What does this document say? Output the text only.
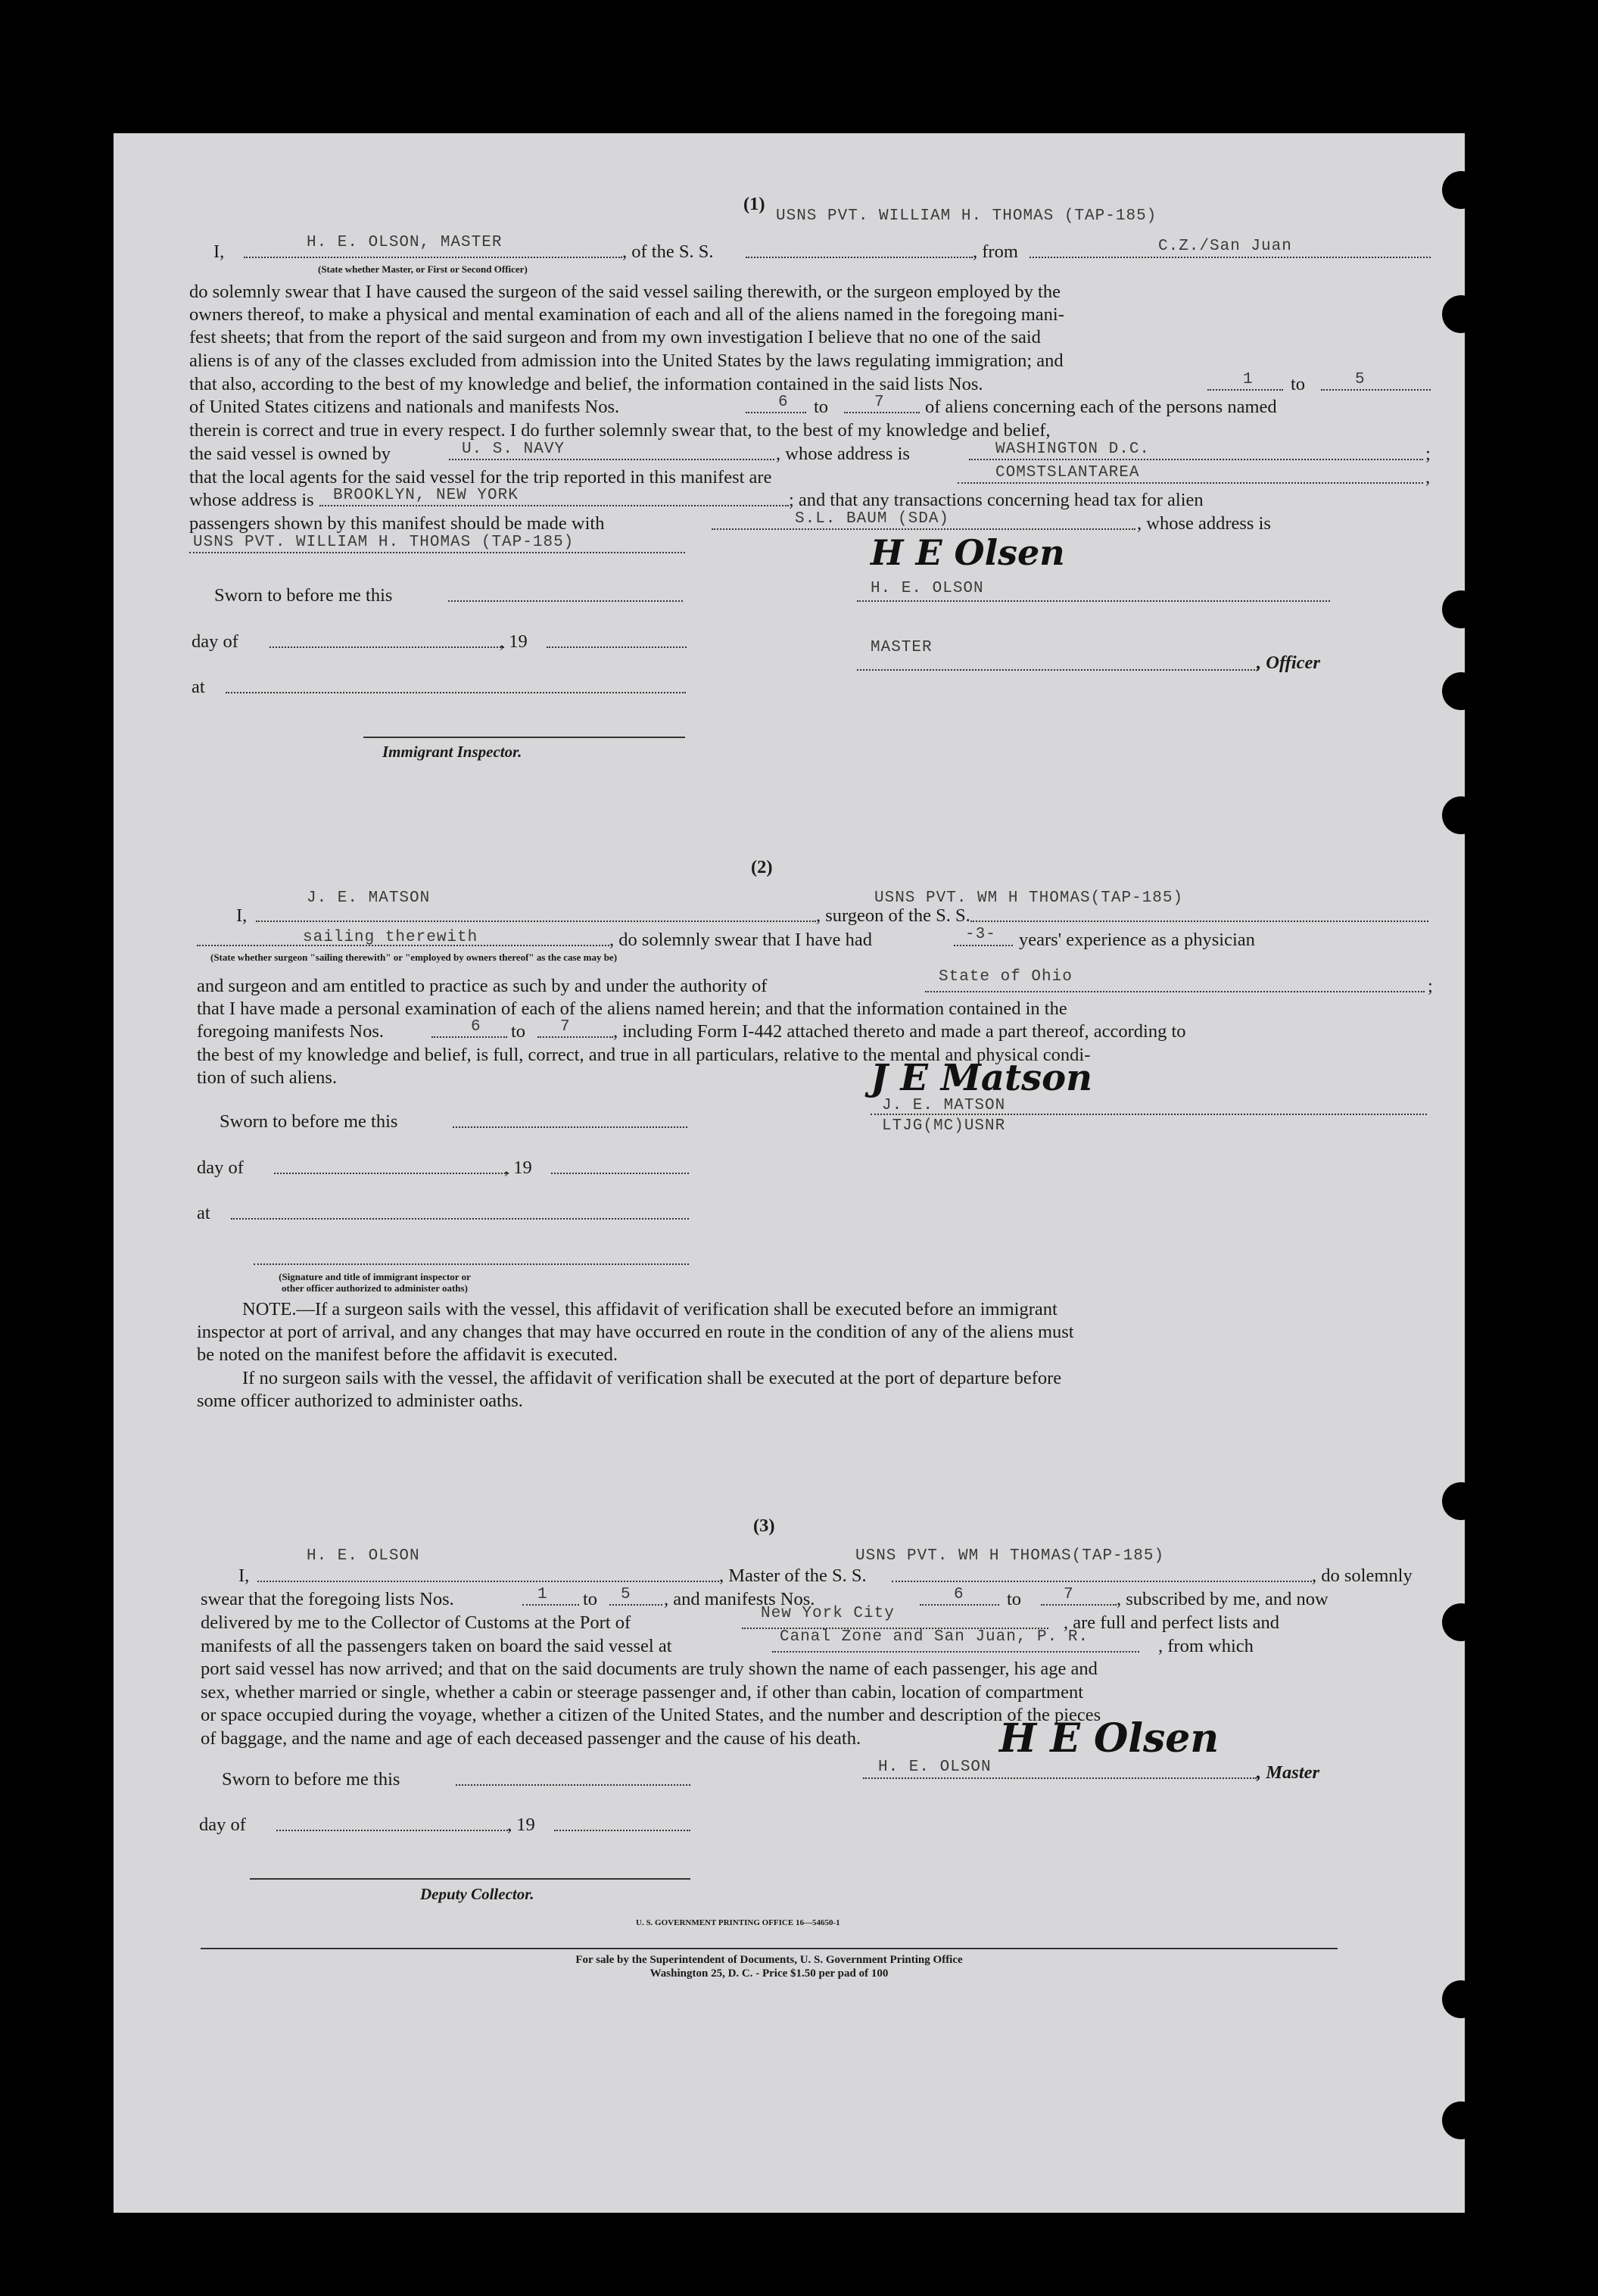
(1)
USNS PVT. WILLIAM H. THOMAS (TAP-185)
I,	H. E. OLSON, MASTER	, of the S. S.	, from	C.Z./San Juan
(State whether Master, or First or Second Officer)
do solemnly swear that I have caused the surgeon of the said vessel sailing therewith, or the surgeon employed by the
owners thereof, to make a physical and mental examination of each and all of the aliens named in the foregoing mani-
fest sheets; that from the report of the said surgeon and from my own investigation I believe that no one of the said
aliens is of any of the classes excluded from admission into the United States by the laws regulating immigration; and
that also, according to the best of my knowledge and belief, the information contained in the said lists Nos.	1 to	5
of United States citizens and nationals and manifests Nos.	6 to	7 of aliens concerning each of the persons named
therein is correct and true in every respect. I do further solemnly swear that, to the best of my knowledge and belief,
the said vessel is owned by	U. S. NAVY	, whose address is	WASHINGTON D.C.	;
that the local agents for the said vessel for the trip reported in this manifest are	COMSTSLANTAREA	,
whose address is BROOKLYN, NEW YORK	; and that any transactions concerning head tax for alien
passengers shown by this manifest should be made with	S.L. BAUM (SDA)	, whose address is
USNS PVT. WILLIAM H. THOMAS (TAP-185)
Sworn to before me this
day of	, 19
at
Immigrant Inspector.
H E Olsen
H. E. OLSON
MASTER
, Officer
(2)
I,
J. E. MATSON
, surgeon of the S. S.
USNS PVT. WM H THOMAS(TAP-185)
sailing therewith	, do solemnly swear that I have had	-3- years' experience as a physician
(State whether surgeon "sailing therewith" or "employed by owners thereof" as the case may be)
and surgeon and am entitled to practice as such by and under the authority of	State of Ohio	;
that I have made a personal examination of each of the aliens named herein; and that the information contained in the
foregoing manifests Nos.	6 to 7 , including Form I-442 attached thereto and made a part thereof, according to
the best of my knowledge and belief, is full, correct, and true in all particulars, relative to the mental and physical condi-
tion of such aliens.	J E Matson
J. E. MATSON
LTJG(MC)USNR
Sworn to before me this
day of	, 19
at
(Signature and title of immigrant inspector or
other officer authorized to administer oaths)
NOTE.—If a surgeon sails with the vessel, this affidavit of verification shall be executed before an immigrant
inspector at port of arrival, and any changes that may have occurred en route in the condition of any of the aliens must
be noted on the manifest before the affidavit is executed.
If no surgeon sails with the vessel, the affidavit of verification shall be executed at the port of departure before
some officer authorized to administer oaths.
(3)
H. E. OLSON	USNS PVT. WM H THOMAS(TAP-185)
I,	, Master of the S. S.	, do solemnly
swear that the foregoing lists Nos.	1 to 5 , and manifests Nos.	6 to	7 , subscribed by me, and now
delivered by me to the Collector of Customs at the Port of	New York City	, are full and perfect lists and
manifests of all the passengers taken on board the said vessel at	Canal Zone and San Juan, P. R.	, from which
port said vessel has now arrived; and that on the said documents are truly shown the name of each passenger, his age and
sex, whether married or single, whether a cabin or steerage passenger and, if other than cabin, location of compartment
or space occupied during the voyage, whether a citizen of the United States, and the number and description of the pieces
of baggage, and the name and age of each deceased passenger and the cause of his death.	H E Olsen
H. E. OLSON	, Master
Sworn to before me this
day of	, 19
Deputy Collector.
U. S. GOVERNMENT PRINTING OFFICE 16—54650-1
For sale by the Superintendent of Documents, U. S. Government Printing Office
Washington 25, D. C. - Price $1.50 per pad of 100
